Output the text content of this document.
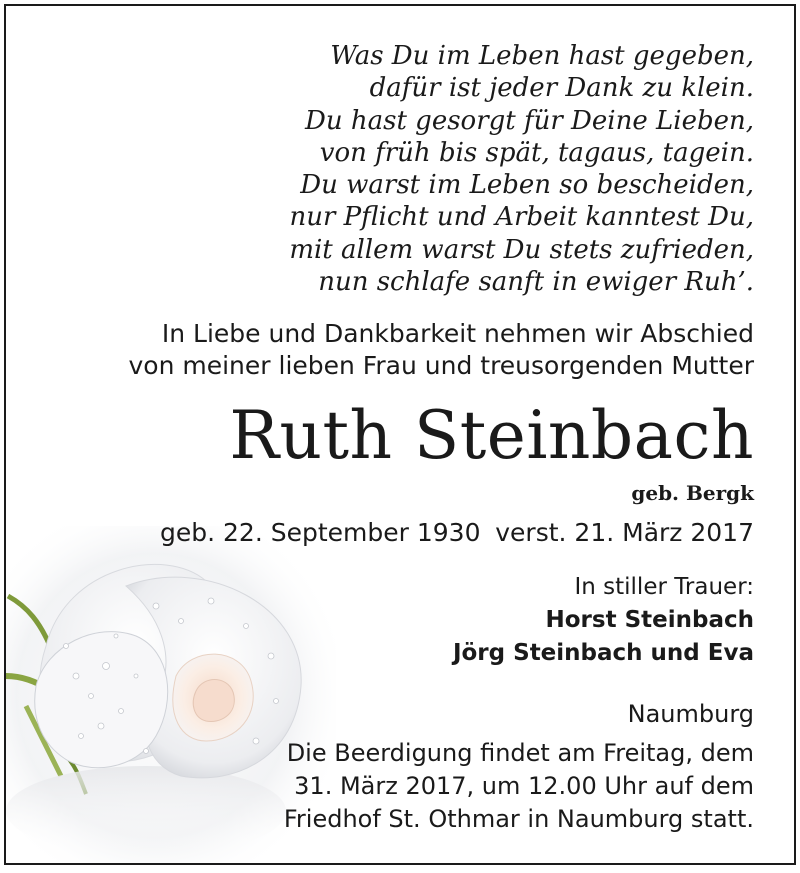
Was Du im Leben hast gegeben,
dafür ist jeder Dank zu klein.
Du hast gesorgt für Deine Lieben,
von früh bis spät, tagaus, tagein.
Du warst im Leben so bescheiden,
nur Pflicht und Arbeit kanntest Du,
mit allem warst Du stets zufrieden,
nun schlafe sanft in ewiger Ruh’.
In Liebe und Dankbarkeit nehmen wir Abschied
von meiner lieben Frau und treusorgenden Mutter
Ruth Steinbach
geb. Bergk
geb. 22. September 1930 verst. 21. März 2017
In stiller Trauer:
Horst Steinbach
Jörg Steinbach und Eva
Naumburg
Die Beerdigung findet am Freitag, dem
31. März 2017, um 12.00 Uhr auf dem
Friedhof St. Othmar in Naumburg statt.
